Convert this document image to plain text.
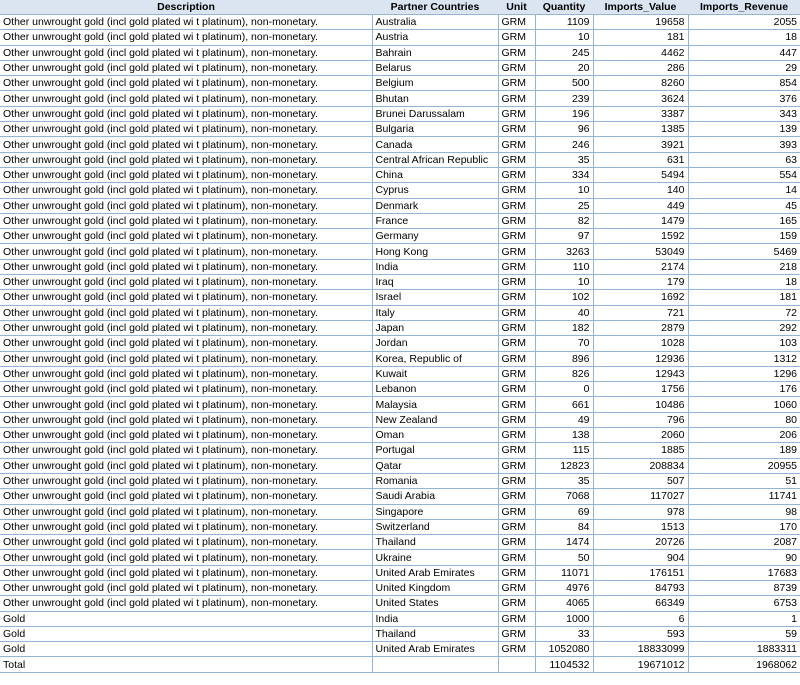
Description	Partner Countries	Unit	Quantity	Imports_Value	Imports_Revenue
Other unwrought gold (incl gold plated wi t platinum), non-monetary.	Australia	GRM	1109	19658	2055
Other unwrought gold (incl gold plated wi t platinum), non-monetary.	Austria	GRM	10	181	18
Other unwrought gold (incl gold plated wi t platinum), non-monetary.	Bahrain	GRM	245	4462	447
Other unwrought gold (incl gold plated wi t platinum), non-monetary.	Belarus	GRM	20	286	29
Other unwrought gold (incl gold plated wi t platinum), non-monetary.	Belgium	GRM	500	8260	854
Other unwrought gold (incl gold plated wi t platinum), non-monetary.	Bhutan	GRM	239	3624	376
Other unwrought gold (incl gold plated wi t platinum), non-monetary.	Brunei Darussalam	GRM	196	3387	343
Other unwrought gold (incl gold plated wi t platinum), non-monetary.	Bulgaria	GRM	96	1385	139
Other unwrought gold (incl gold plated wi t platinum), non-monetary.	Canada	GRM	246	3921	393
Other unwrought gold (incl gold plated wi t platinum), non-monetary.	Central African Republic	GRM	35	631	63
Other unwrought gold (incl gold plated wi t platinum), non-monetary.	China	GRM	334	5494	554
Other unwrought gold (incl gold plated wi t platinum), non-monetary.	Cyprus	GRM	10	140	14
Other unwrought gold (incl gold plated wi t platinum), non-monetary.	Denmark	GRM	25	449	45
Other unwrought gold (incl gold plated wi t platinum), non-monetary.	France	GRM	82	1479	165
Other unwrought gold (incl gold plated wi t platinum), non-monetary.	Germany	GRM	97	1592	159
Other unwrought gold (incl gold plated wi t platinum), non-monetary.	Hong Kong	GRM	3263	53049	5469
Other unwrought gold (incl gold plated wi t platinum), non-monetary.	India	GRM	110	2174	218
Other unwrought gold (incl gold plated wi t platinum), non-monetary.	Iraq	GRM	10	179	18
Other unwrought gold (incl gold plated wi t platinum), non-monetary.	Israel	GRM	102	1692	181
Other unwrought gold (incl gold plated wi t platinum), non-monetary.	Italy	GRM	40	721	72
Other unwrought gold (incl gold plated wi t platinum), non-monetary.	Japan	GRM	182	2879	292
Other unwrought gold (incl gold plated wi t platinum), non-monetary.	Jordan	GRM	70	1028	103
Other unwrought gold (incl gold plated wi t platinum), non-monetary.	Korea, Republic of	GRM	896	12936	1312
Other unwrought gold (incl gold plated wi t platinum), non-monetary.	Kuwait	GRM	826	12943	1296
Other unwrought gold (incl gold plated wi t platinum), non-monetary.	Lebanon	GRM	0	1756	176
Other unwrought gold (incl gold plated wi t platinum), non-monetary.	Malaysia	GRM	661	10486	1060
Other unwrought gold (incl gold plated wi t platinum), non-monetary.	New Zealand	GRM	49	796	80
Other unwrought gold (incl gold plated wi t platinum), non-monetary.	Oman	GRM	138	2060	206
Other unwrought gold (incl gold plated wi t platinum), non-monetary.	Portugal	GRM	115	1885	189
Other unwrought gold (incl gold plated wi t platinum), non-monetary.	Qatar	GRM	12823	208834	20955
Other unwrought gold (incl gold plated wi t platinum), non-monetary.	Romania	GRM	35	507	51
Other unwrought gold (incl gold plated wi t platinum), non-monetary.	Saudi Arabia	GRM	7068	117027	11741
Other unwrought gold (incl gold plated wi t platinum), non-monetary.	Singapore	GRM	69	978	98
Other unwrought gold (incl gold plated wi t platinum), non-monetary.	Switzerland	GRM	84	1513	170
Other unwrought gold (incl gold plated wi t platinum), non-monetary.	Thailand	GRM	1474	20726	2087
Other unwrought gold (incl gold plated wi t platinum), non-monetary.	Ukraine	GRM	50	904	90
Other unwrought gold (incl gold plated wi t platinum), non-monetary.	United Arab Emirates	GRM	11071	176151	17683
Other unwrought gold (incl gold plated wi t platinum), non-monetary.	United Kingdom	GRM	4976	84793	8739
Other unwrought gold (incl gold plated wi t platinum), non-monetary.	United States	GRM	4065	66349	6753
Gold	India	GRM	1000	6	1
Gold	Thailand	GRM	33	593	59
Gold	United Arab Emirates	GRM	1052080	18833099	1883311
Total			1104532	19671012	1968062
